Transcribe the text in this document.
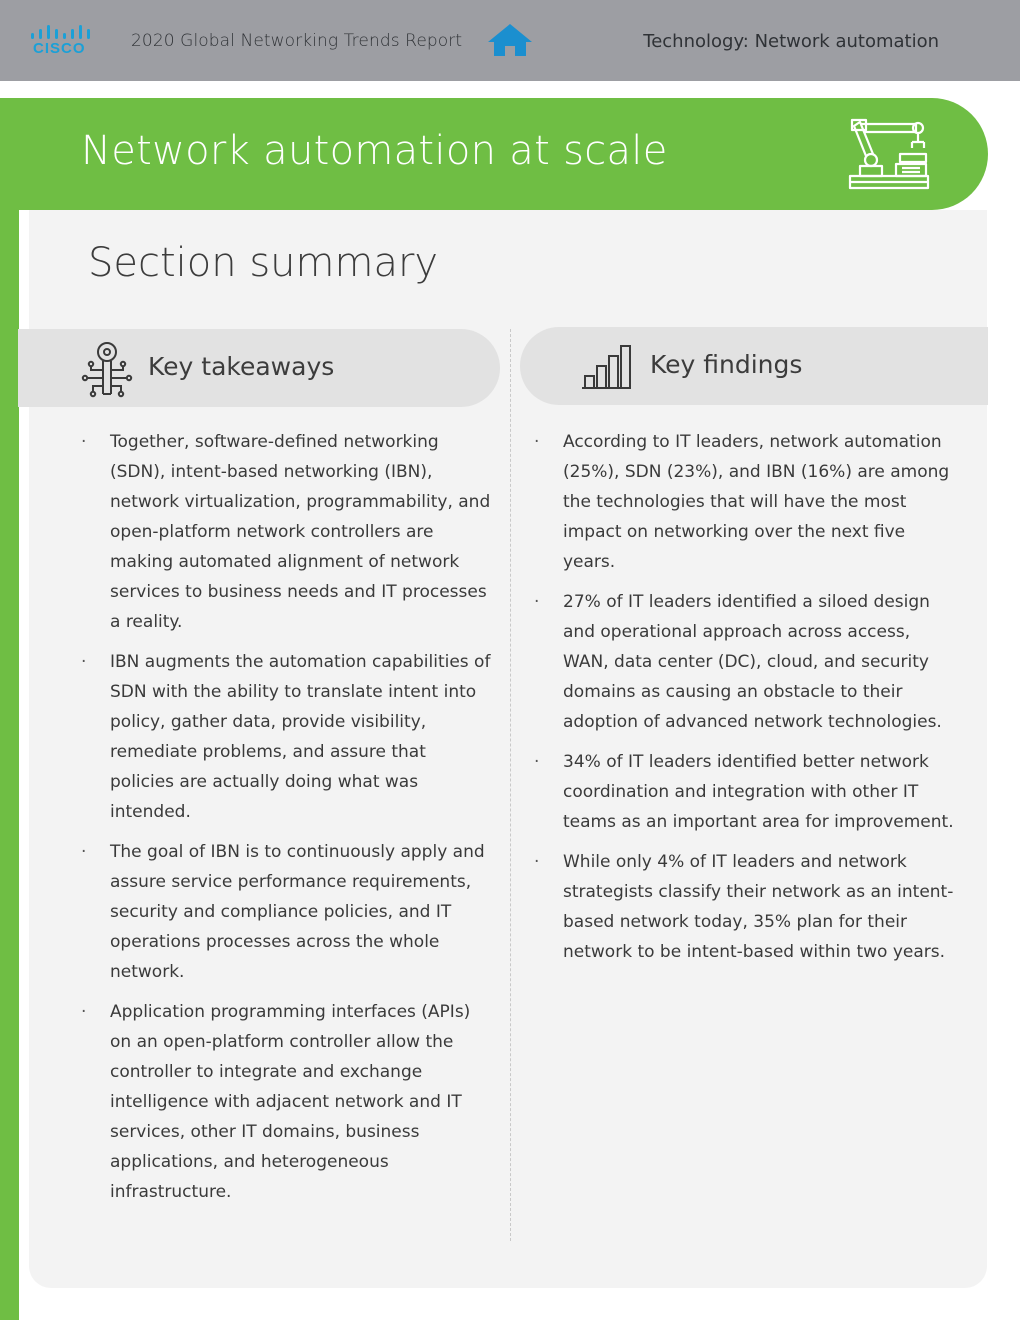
CISCO	2020 Global Networking Trends Report	Technology: Network automation
Network automation at scale
Section summary
Key takeaways	Key findings
· Together, software-defined networking (SDN), intent-based networking (IBN), network virtualization, programmability, and open-platform network controllers are making automated alignment of network services to business needs and IT processes a reality.
· IBN augments the automation capabilities of SDN with the ability to translate intent into policy, gather data, provide visibility, remediate problems, and assure that policies are actually doing what was intended.
· The goal of IBN is to continuously apply and assure service performance requirements, security and compliance policies, and IT operations processes across the whole network.
· Application programming interfaces (APIs) on an open-platform controller allow the controller to integrate and exchange intelligence with adjacent network and IT services, other IT domains, business applications, and heterogeneous infrastructure.
· According to IT leaders, network automation (25%), SDN (23%), and IBN (16%) are among the technologies that will have the most impact on networking over the next five years.
· 27% of IT leaders identified a siloed design and operational approach across access, WAN, data center (DC), cloud, and security domains as causing an obstacle to their adoption of advanced network technologies.
· 34% of IT leaders identified better network coordination and integration with other IT teams as an important area for improvement.
· While only 4% of IT leaders and network strategists classify their network as an intent-based network today, 35% plan for their network to be intent-based within two years.
